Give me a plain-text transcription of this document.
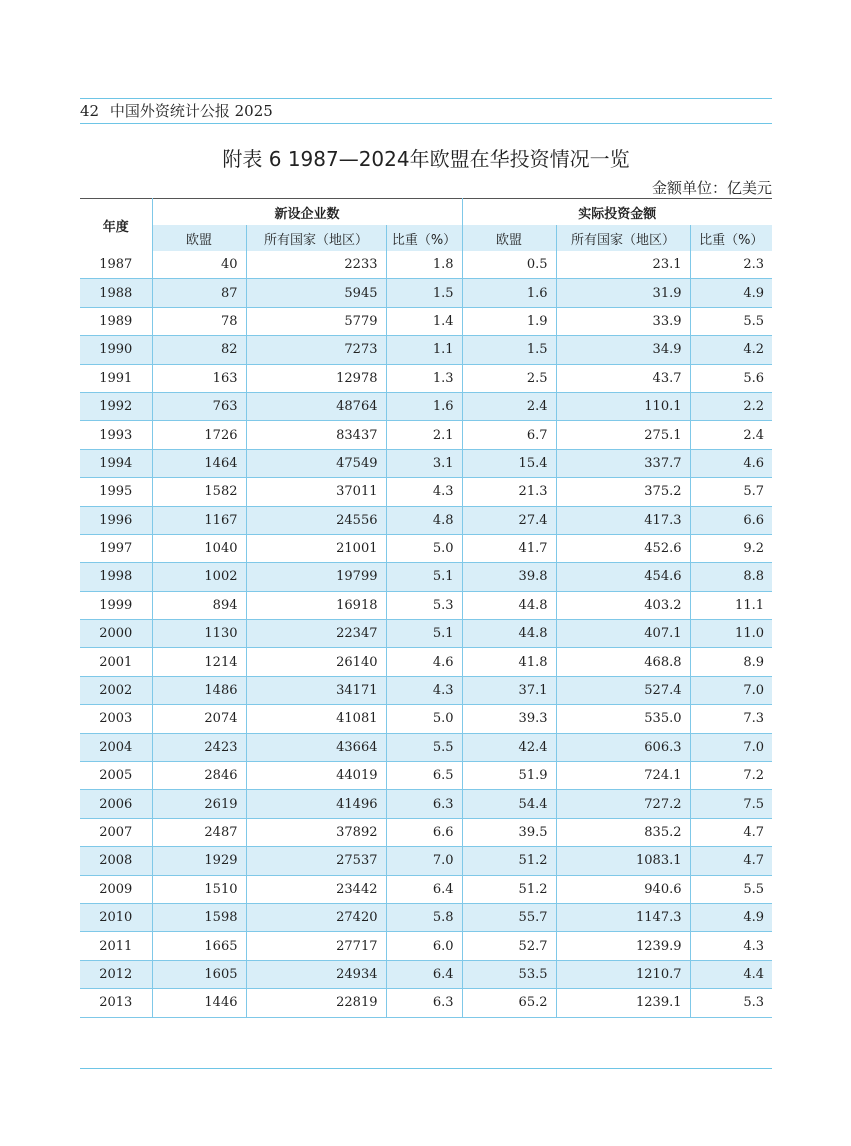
42 中国外资统计公报 2025
附表 6 1987—2024年欧盟在华投资情况一览
金额单位：亿美元
年度	新设企业数			实际投资金额		
	欧盟	所有国家（地区）	比重（%）	欧盟	所有国家（地区）	比重（%）
1987	40	2233	1.8	0.5	23.1	2.3
1988	87	5945	1.5	1.6	31.9	4.9
1989	78	5779	1.4	1.9	33.9	5.5
1990	82	7273	1.1	1.5	34.9	4.2
1991	163	12978	1.3	2.5	43.7	5.6
1992	763	48764	1.6	2.4	110.1	2.2
1993	1726	83437	2.1	6.7	275.1	2.4
1994	1464	47549	3.1	15.4	337.7	4.6
1995	1582	37011	4.3	21.3	375.2	5.7
1996	1167	24556	4.8	27.4	417.3	6.6
1997	1040	21001	5.0	41.7	452.6	9.2
1998	1002	19799	5.1	39.8	454.6	8.8
1999	894	16918	5.3	44.8	403.2	11.1
2000	1130	22347	5.1	44.8	407.1	11.0
2001	1214	26140	4.6	41.8	468.8	8.9
2002	1486	34171	4.3	37.1	527.4	7.0
2003	2074	41081	5.0	39.3	535.0	7.3
2004	2423	43664	5.5	42.4	606.3	7.0
2005	2846	44019	6.5	51.9	724.1	7.2
2006	2619	41496	6.3	54.4	727.2	7.5
2007	2487	37892	6.6	39.5	835.2	4.7
2008	1929	27537	7.0	51.2	1083.1	4.7
2009	1510	23442	6.4	51.2	940.6	5.5
2010	1598	27420	5.8	55.7	1147.3	4.9
2011	1665	27717	6.0	52.7	1239.9	4.3
2012	1605	24934	6.4	53.5	1210.7	4.4
2013	1446	22819	6.3	65.2	1239.1	5.3
